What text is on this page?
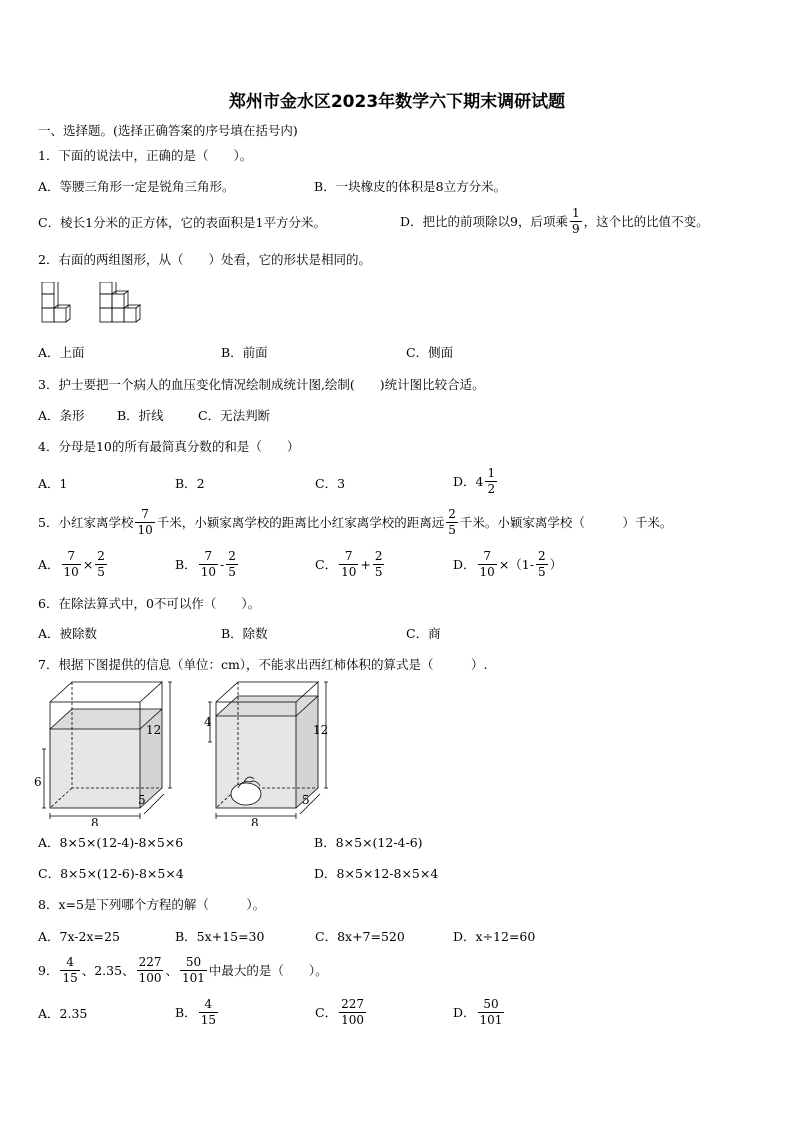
郑州市金水区2023年数学六下期末调研试题
一、选择题。(选择正确答案的序号填在括号内)
1．下面的说法中，正确的是（　　）。
A．等腰三角形一定是锐角三角形。	B．一块橡皮的体积是8立方分米。
C．棱长1分米的正方体，它的表面积是1平方分米。	D．把比的前项除以9，后项乘 $\frac{1}{9}$ ，这个比的比值不变。
2．右面的两组图形，从（　　）处看，它的形状是相同的。
A．上面	B．前面	C．侧面
3．护士要把一个病人的血压变化情况绘制成统计图,绘制(　　)统计图比较合适。
A．条形	B．折线	C．无法判断
4．分母是10的所有最简真分数的和是（　　）
A．1	B．2	C．3	D． $4 \frac{1}{2}$
5．小红家离学校 $\frac{7}{10}$ 千米，小颖家离学校的距离比小红家离学校的距离远 $\frac{2}{5}$ 千米。小颖家离学校（　　　）千米。
A． $\frac{7}{10} \times \frac{2}{5}$	B． $\frac{7}{10} - \frac{2}{5}$	C． $\frac{7}{10} + \frac{2}{5}$	D． $\frac{7}{10} \times(1- \frac{2}{5}$ ）
6．在除法算式中，0不可以作（　　）。
A．被除数	B．除数	C．商
7．根据下图提供的信息（单位：cm），不能求出西红柿体积的算式是（　　　）.
12
6
8
5
4
12
8
5
A．8×5×(12-4)-8×5×6	B．8×5×(12-4-6)
C．8×5×(12-6)-8×5×4	D．8×5×12-8×5×4
8．x=5是下列哪个方程的解（　　　）。
A．7x-2x=25	B．5x+15=30	C．8x+7=520	D．x÷12=60
9． $\frac{4}{15}$ 、2.35、 $\frac{227}{100}$ 、 $\frac{50}{101}$ 中最大的是（　　）。
A．2.35	B． $\frac{4}{15}$	C． $\frac{227}{100}$	D． $\frac{50}{101}$
